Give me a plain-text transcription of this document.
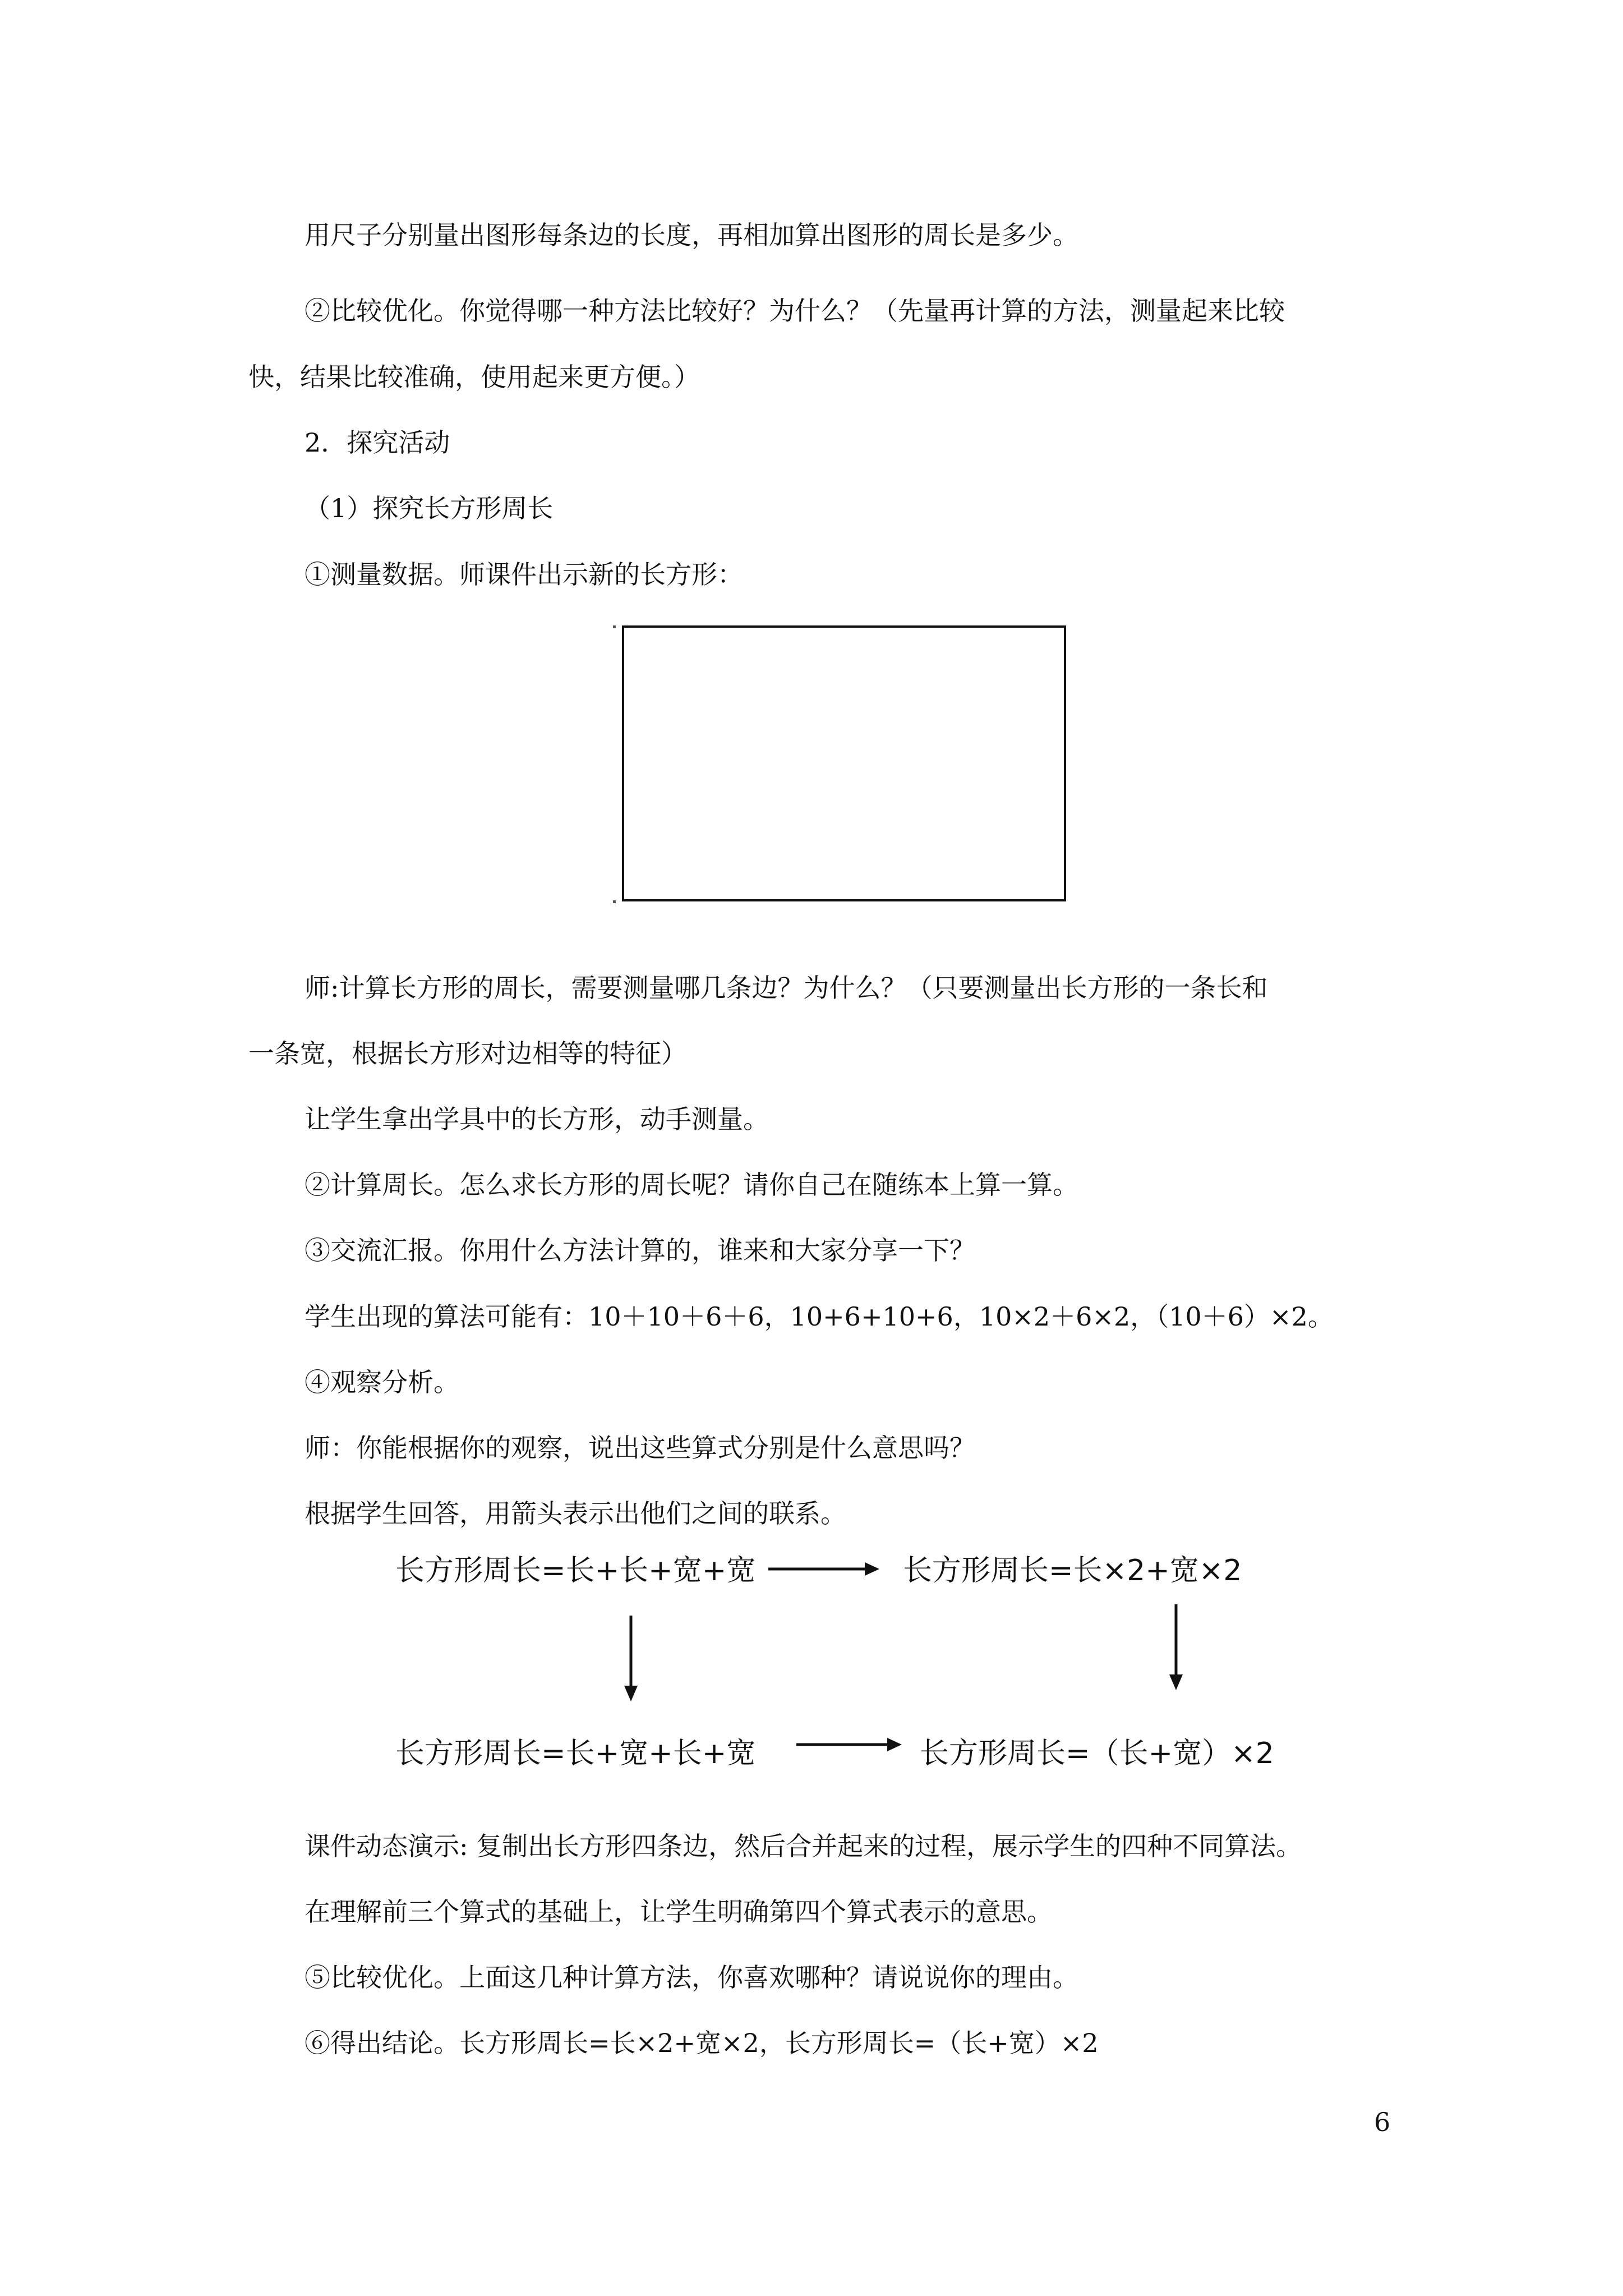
用尺子分别量出图形每条边的长度，再相加算出图形的周长是多少。
②比较优化。你觉得哪一种方法比较好？为什么？（先量再计算的方法，测量起来比较
快，结果比较准确，使用起来更方便。）
2．探究活动
（1）探究长方形周长
①测量数据。师课件出示新的长方形：
师:计算长方形的周长，需要测量哪几条边？为什么？（只要测量出长方形的一条长和
一条宽，根据长方形对边相等的特征）
让学生拿出学具中的长方形，动手测量。
②计算周长。怎么求长方形的周长呢？请你自己在随练本上算一算。
③交流汇报。你用什么方法计算的，谁来和大家分享一下？
学生出现的算法可能有：10＋10＋6＋6，10+6+10+6，10×2＋6×2，（10＋6）×2。
④观察分析。
师：你能根据你的观察，说出这些算式分别是什么意思吗？
根据学生回答，用箭头表示出他们之间的联系。
长方形周长=长+长+宽+宽	长方形周长=长×2+宽×2
长方形周长=长+宽+长+宽	长方形周长=（长+宽）×2
课件动态演示: 复制出长方形四条边，然后合并起来的过程，展示学生的四种不同算法。
在理解前三个算式的基础上，让学生明确第四个算式表示的意思。
⑤比较优化。上面这几种计算方法，你喜欢哪种？请说说你的理由。
⑥得出结论。长方形周长=长×2+宽×2，长方形周长=（长+宽）×2
6
